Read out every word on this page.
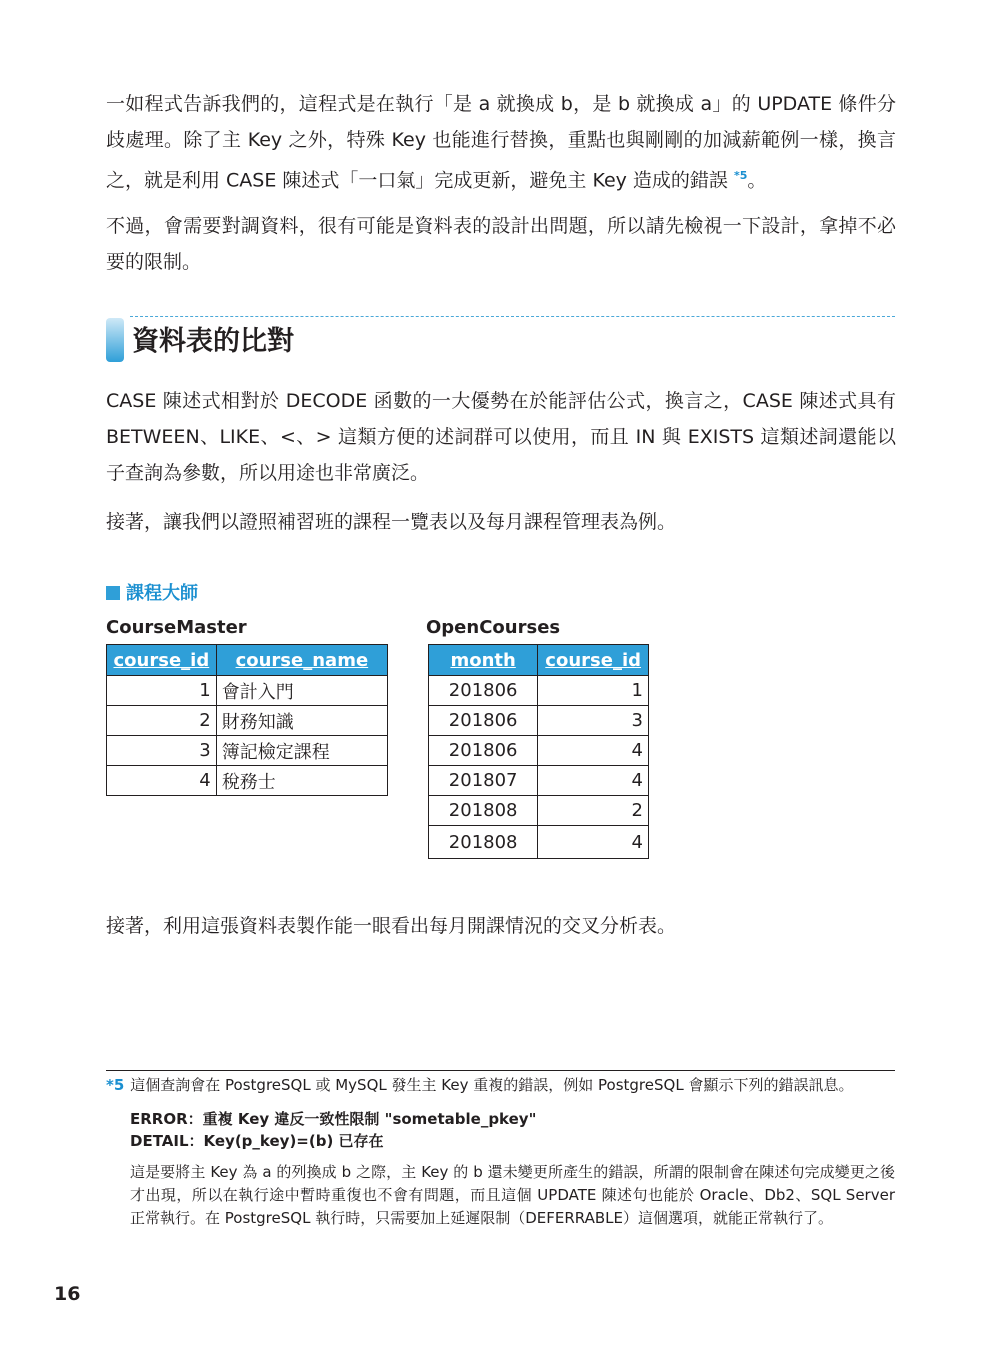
一如程式告訴我們的，這程式是在執行「是 a 就換成 b，是 b 就換成 a」的 UPDATE 條件分歧處理。除了主 Key 之外，特殊 Key 也能進行替換，重點也與剛剛的加減薪範例一樣，換言之，就是利用 CASE 陳述式「一口氣」完成更新，避免主 Key 造成的錯誤 $^{*5}$。

不過，會需要對調資料，很有可能是資料表的設計出問題，所以請先檢視一下設計，拿掉不必要的限制。

資料表的比對

CASE 陳述式相對於 DECODE 函數的一大優勢在於能評估公式，換言之，CASE 陳述式具有 BETWEEN、LIKE、<、> 這類方便的述詞群可以使用，而且 IN 與 EXISTS 這類述詞還能以子查詢為參數，所以用途也非常廣泛。

接著，讓我們以證照補習班的課程一覽表以及每月課程管理表為例。

課程大師
CourseMaster
course_id	course_name
1	會計入門
2	財務知識
3	簿記檢定課程
4	稅務士
OpenCourses
month	course_id
201806	1
201806	3
201806	4
201807	4
201808	2
201808	4

接著，利用這張資料表製作能一眼看出每月開課情況的交叉分析表。

*5 這個查詢會在 PostgreSQL 或 MySQL 發生主 Key 重複的錯誤，例如 PostgreSQL 會顯示下列的錯誤訊息。
ERROR：重複 Key 違反一致性限制 "sometable_pkey"
DETAIL：Key(p_key)=(b) 已存在

這是要將主 Key 為 a 的列換成 b 之際，主 Key 的 b 還未變更所產生的錯誤，所謂的限制會在陳述句完成變更之後才出現，所以在執行途中暫時重復也不會有問題，而且這個 UPDATE 陳述句也能於 Oracle、Db2、SQL Server 正常執行。在 PostgreSQL 執行時，只需要加上延遲限制（DEFERRABLE）這個選項，就能正常執行了。

16
